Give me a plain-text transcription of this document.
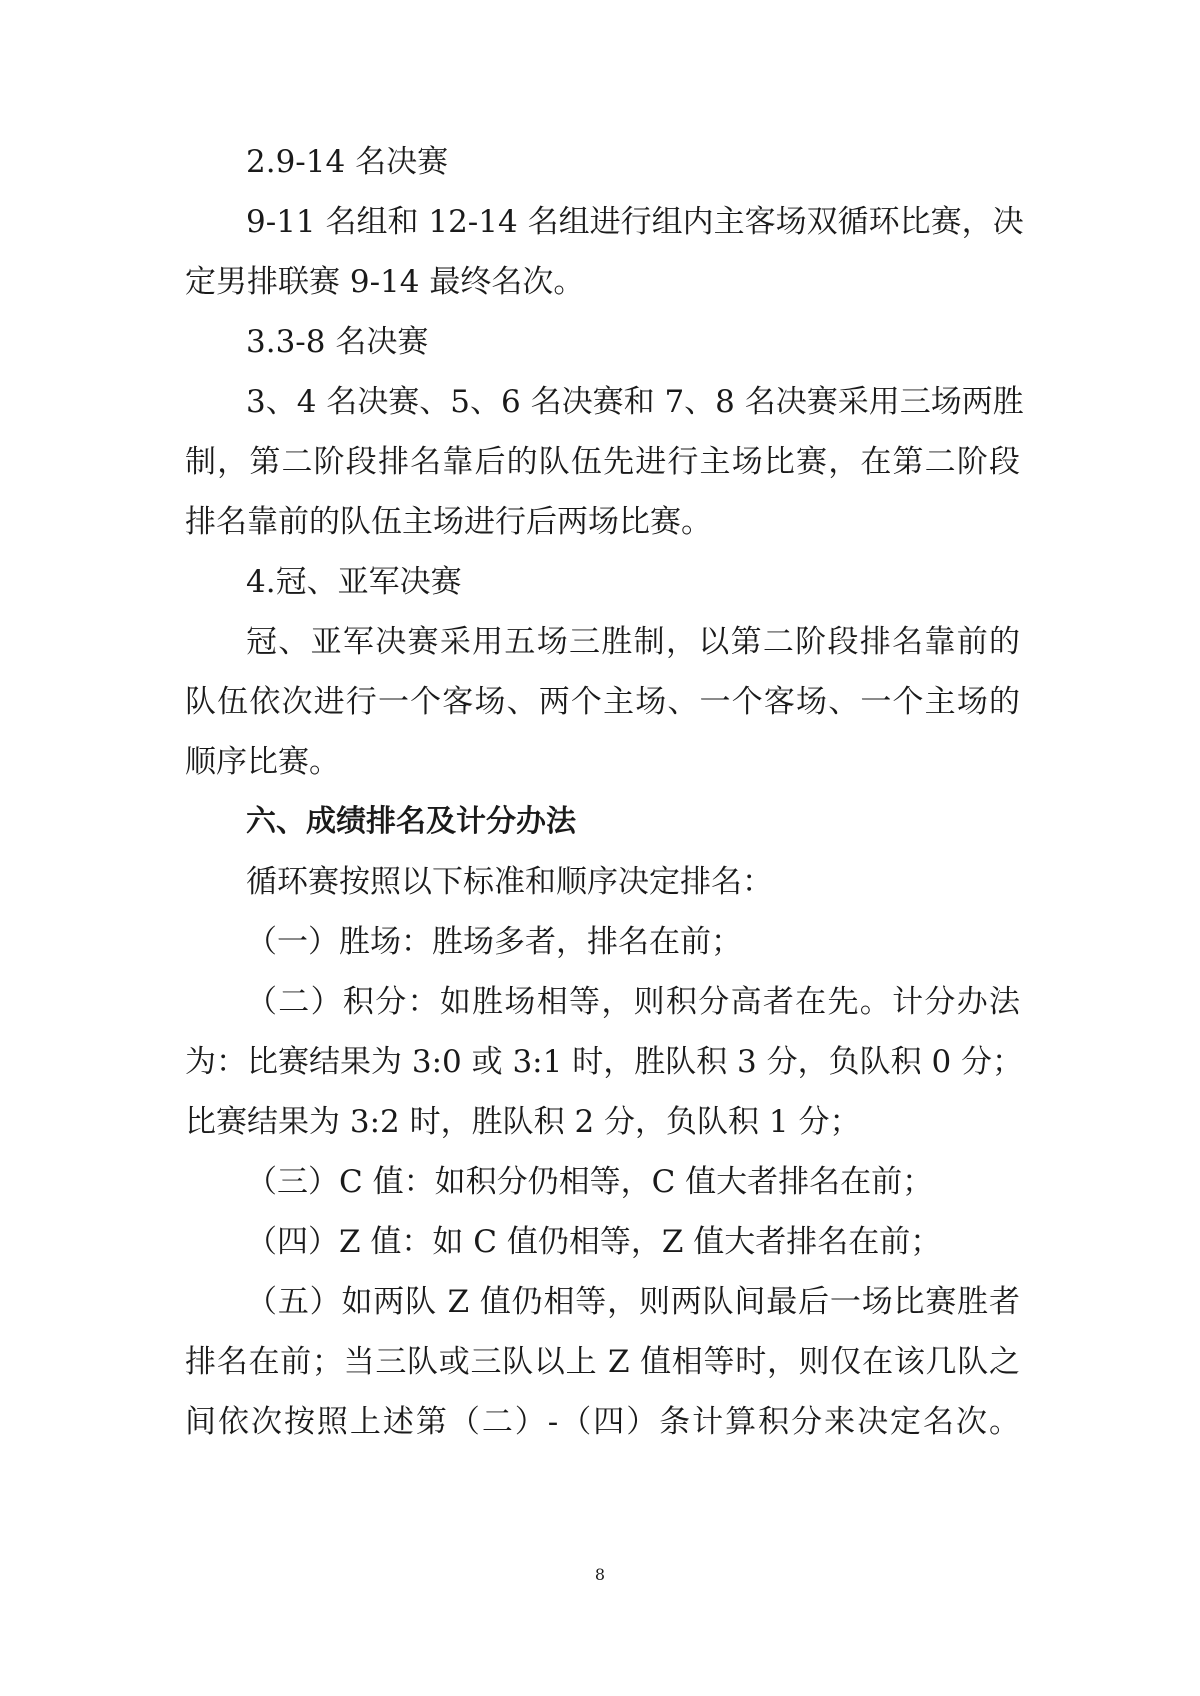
2.9-14 名决赛
9-11 名组和 12-14 名组进行组内主客场双循环比赛，决
定男排联赛 9-14 最终名次。
3.3-8 名决赛
3、4 名决赛、5、6 名决赛和 7、8 名决赛采用三场两胜
制，第二阶段排名靠后的队伍先进行主场比赛，在第二阶段
排名靠前的队伍主场进行后两场比赛。
4.冠、亚军决赛
冠、亚军决赛采用五场三胜制，以第二阶段排名靠前的
队伍依次进行一个客场、两个主场、一个客场、一个主场的
顺序比赛。
六、成绩排名及计分办法
循环赛按照以下标准和顺序决定排名：
（一）胜场：胜场多者，排名在前；
（二）积分：如胜场相等，则积分高者在先。计分办法
为：比赛结果为 3:0 或 3:1 时，胜队积 3 分，负队积 0 分；
比赛结果为 3:2 时，胜队积 2 分，负队积 1 分；
（三）C 值：如积分仍相等，C 值大者排名在前；
（四）Z 值：如 C 值仍相等，Z 值大者排名在前；
（五）如两队 Z 值仍相等，则两队间最后一场比赛胜者
排名在前；当三队或三队以上 Z 值相等时，则仅在该几队之
间依次按照上述第（二）-（四）条计算积分来决定名次。
8
